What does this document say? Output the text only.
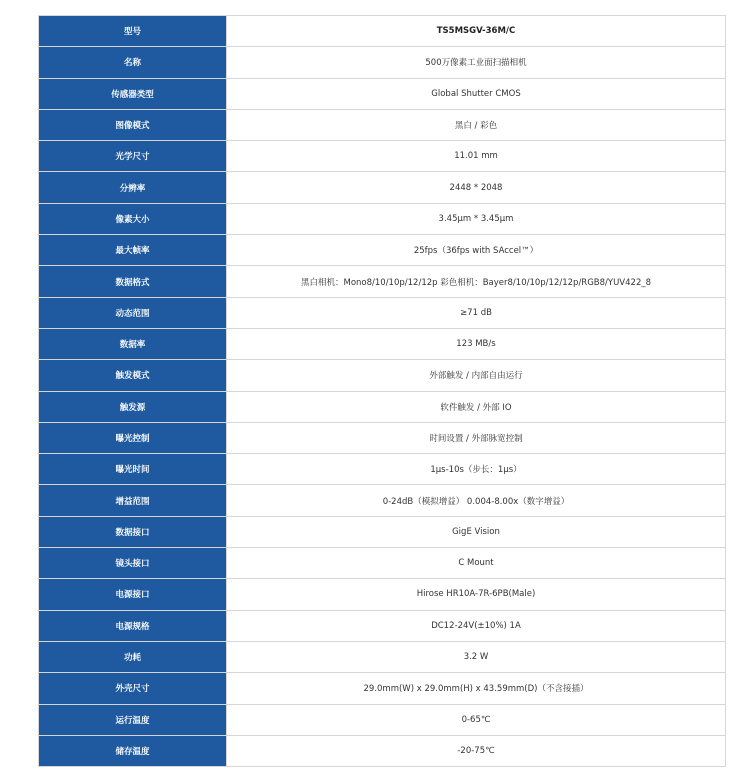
型号	TS5MSGV-36M/C
名称	500万像素工业面扫描相机
传感器类型	Global Shutter CMOS
图像模式	黑白 / 彩色
光学尺寸	11.01 mm
分辨率	2448 * 2048
像素大小	3.45μm * 3.45μm
最大帧率	25fps（36fps with SAccel™）
数据格式	黑白相机：Mono8/10/10p/12/12p 彩色相机：Bayer8/10/10p/12/12p/RGB8/YUV422_8
动态范围	≥71 dB
数据率	123 MB/s
触发模式	外部触发 / 内部自由运行
触发源	软件触发 / 外部 IO
曝光控制	时间设置 / 外部脉宽控制
曝光时间	1μs-10s（步长：1μs）
增益范围	0-24dB（模拟增益） 0.004-8.00x（数字增益）
数据接口	GigE Vision
镜头接口	C Mount
电源接口	Hirose HR10A-7R-6PB(Male)
电源规格	DC12-24V(±10%) 1A
功耗	3.2 W
外壳尺寸	29.0mm(W) x 29.0mm(H) x 43.59mm(D)（不含接插）
运行温度	0-65℃
储存温度	-20-75℃
